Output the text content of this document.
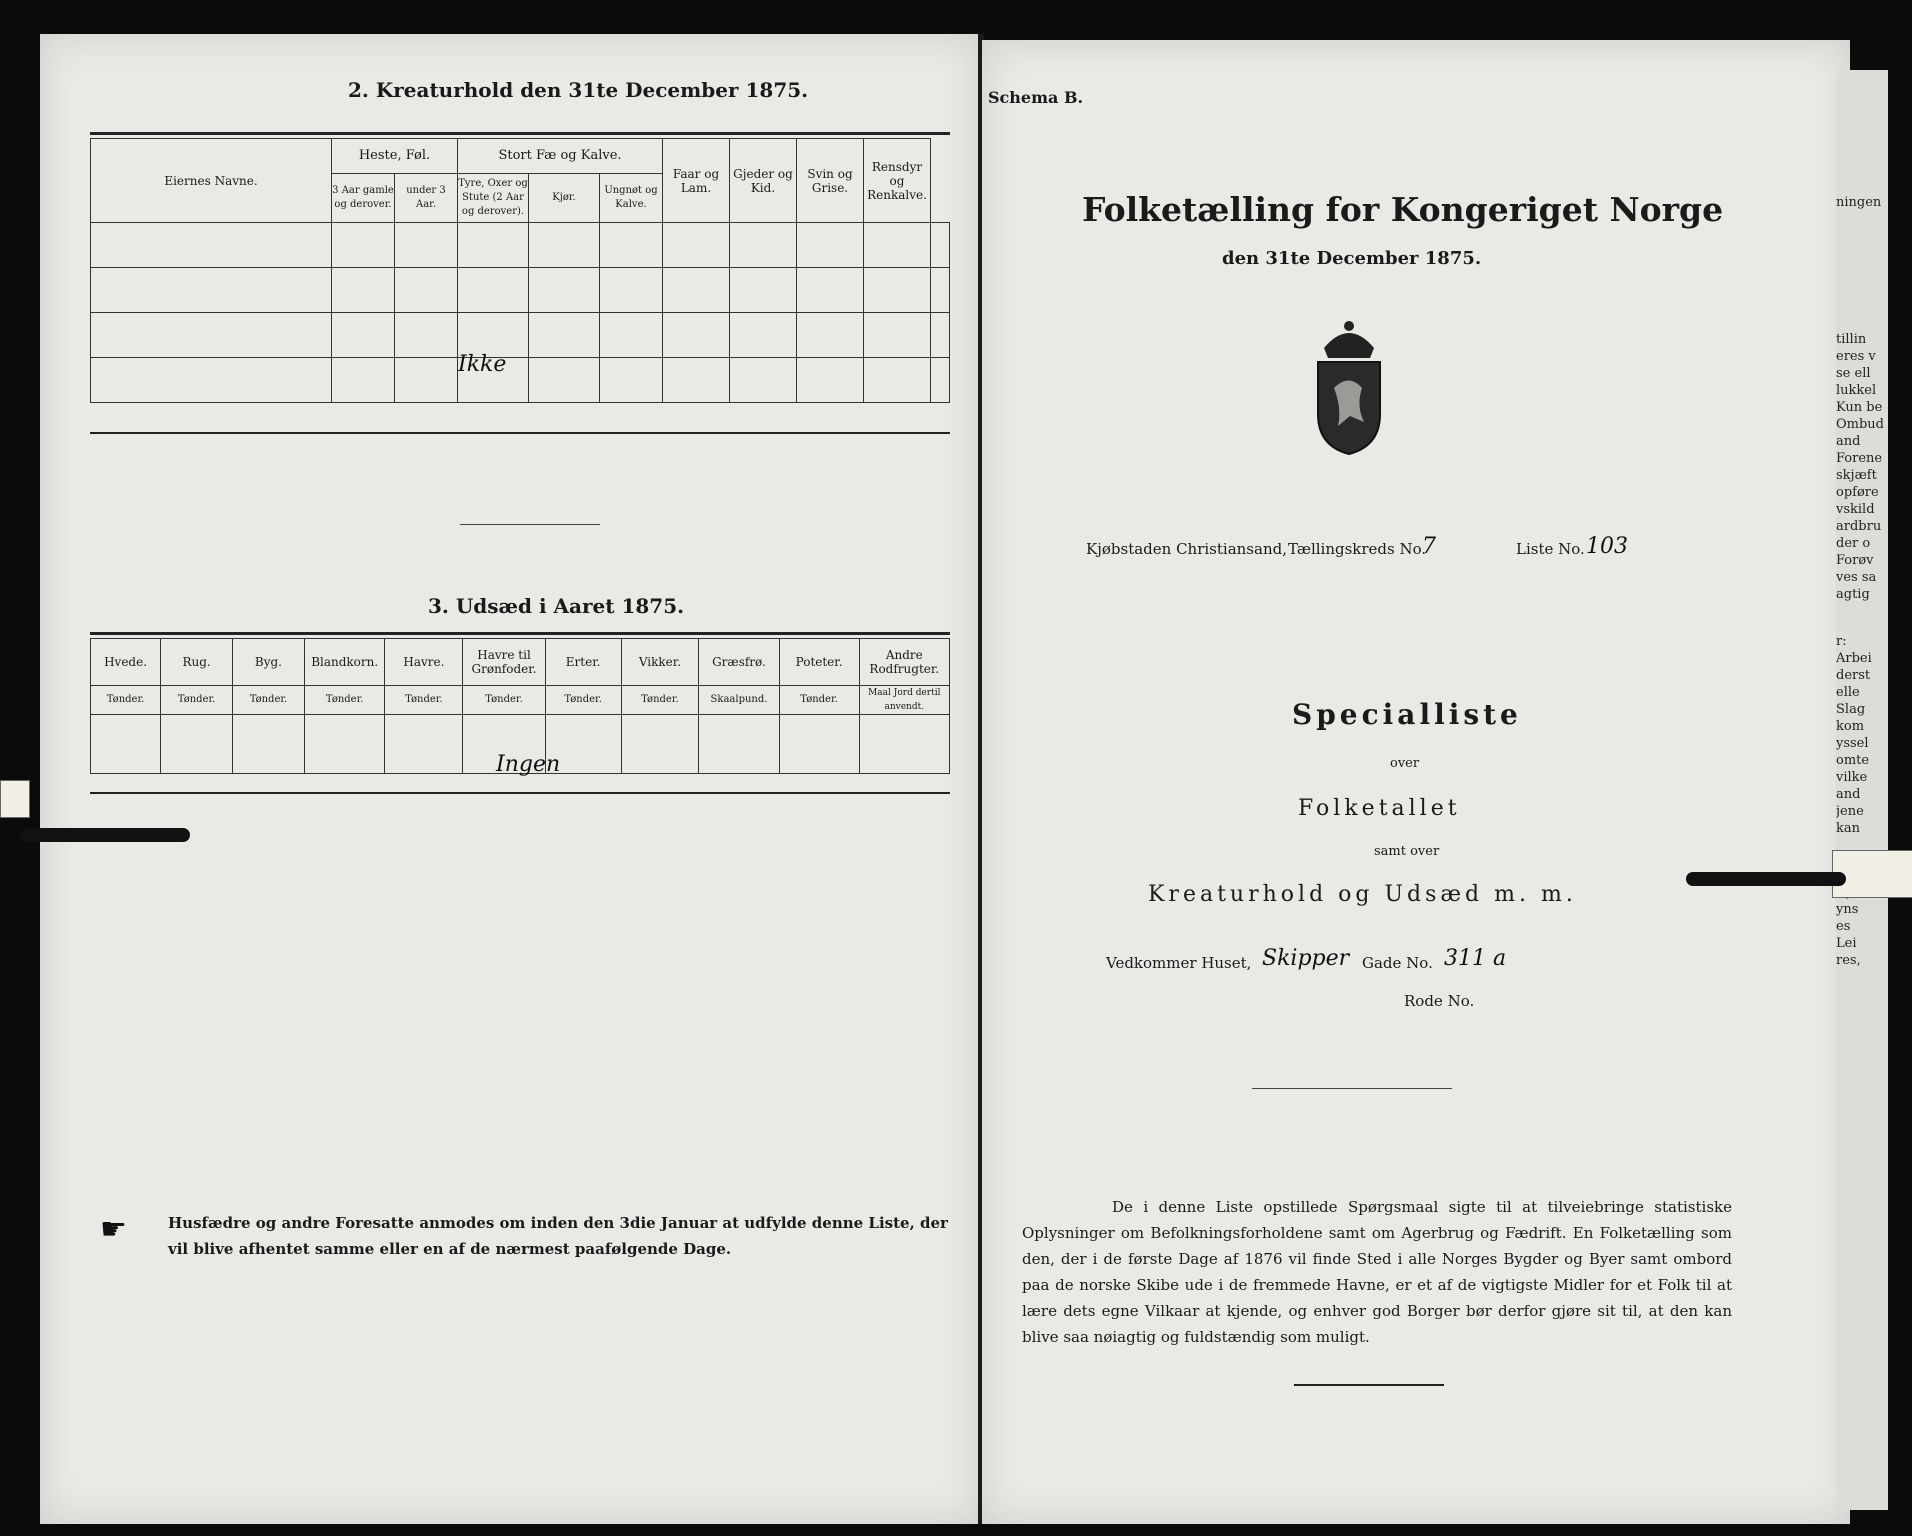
2. Kreaturhold den 31te December 1875.
Eiernes Navne.	Heste, Føl.		Stort Fæ og Kalve.			Faar og Lam.	Gjeder og Kid.	Svin og Grise.	Rensdyr og Renkalve.	
	3 Aar gamle og derover.	under 3 Aar.	Tyre, Oxer og Stute (2 Aar og derover).	Kjør.	Ungnøt og Kalve.					

Ikke
3. Udsæd i Aaret 1875.
Hvede.	Rug.	Byg.	Blandkorn.	Havre.	Havre til Grønfoder.	Erter.	Vikker.	Græsfrø.	Poteter.	Andre Rodfrugter.
Tønder.	Tønder.	Tønder.	Tønder.	Tønder.	Tønder.	Tønder.	Tønder.	Skaalpund.	Tønder.	Maal Jord dertil anvendt.

Ingen
☛	Husfædre og andre Foresatte anmodes om inden den 3die Januar at udfylde denne Liste, der vil blive afhentet samme eller en af de nærmest paafølgende Dage.
Schema B.
Folketælling for Kongeriget Norge
den 31te December 1875.
Kjøbstaden Christiansand, Tællingskreds No.
7	Liste No. 103
Specialliste
over
Folketallet
samt over
Kreaturhold og Udsæd m. m.
Vedkommer Huset, Skipper Gade No. 311 a
Rode No.
De i denne Liste opstillede Spørgsmaal sigte til at tilveiebringe statistiske Oplysninger om Befolkningsforholdene samt om Agerbrug og Fædrift. En Folketælling som den, der i de første Dage af 1876 vil finde Sted i alle Norges Bygder og Byer samt ombord paa de norske Skibe ude i de fremmede Havne, er et af de vigtigste Midler for et Folk til at lære dets egne Vilkaar at kjende, og enhver god Borger bør derfor gjøre sit til, at den kan blive saa nøiagtig og fuldstændig som muligt.
ningen
tillin
eres v
se ell
lukkel
Kun be
Ombud
and
Forene
skjæft
opføre
vskild
ardbru
der o
Forøv
ves sa
agtig
r:
Arbei
derst
elle
Slag
kom
yssel
omte
vilke
and
jene
kan
yns
es
Lei
res,
